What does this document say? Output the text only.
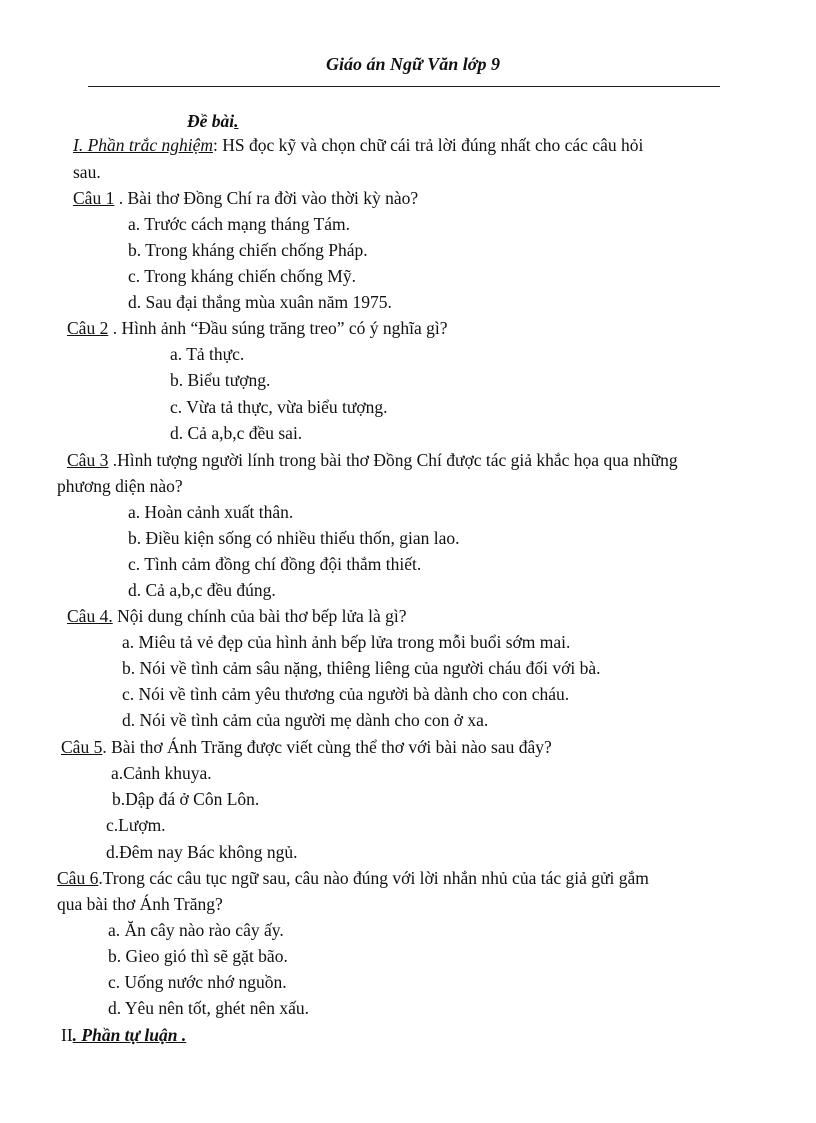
Giáo án Ngữ Văn lớp 9
Đề bài.
I. Phần trắc nghiệm: HS đọc kỹ và chọn chữ cái trả lời đúng nhất cho các câu hỏi
sau.
Câu 1 . Bài thơ Đồng Chí ra đời vào thời kỳ nào?
a. Trước cách mạng tháng Tám.
b. Trong kháng chiến chống Pháp.
c. Trong kháng chiến chống Mỹ.
d. Sau đại thắng mùa xuân năm 1975.
Câu 2 . Hình ảnh “Đầu súng trăng treo” có ý nghĩa gì?
a. Tả thực.
b. Biểu tượng.
c. Vừa tả thực, vừa biểu tượng.
d. Cả a,b,c đều sai.
Câu 3 .Hình tượng người lính trong bài thơ Đồng Chí được tác giả khắc họa qua những
phương diện nào?
a. Hoàn cảnh xuất thân.
b. Điều kiện sống có nhiều thiếu thốn, gian lao.
c. Tình cảm đồng chí đồng đội thắm thiết.
d. Cả a,b,c đều đúng.
Câu 4. Nội dung chính của bài thơ bếp lửa là gì?
a. Miêu tả vẻ đẹp của hình ảnh bếp lửa trong mỗi buổi sớm mai.
b. Nói về tình cảm sâu nặng, thiêng liêng của người cháu đối với bà.
c. Nói về tình cảm yêu thương của người bà dành cho con cháu.
d. Nói về tình cảm của người mẹ dành cho con ở xa.
Câu 5. Bài thơ Ánh Trăng được viết cùng thể thơ với bài nào sau đây?
a.Cảnh khuya.
b.Dập đá ở Côn Lôn.
c.Lượm.
d.Đêm nay Bác không ngủ.
Câu 6.Trong các câu tục ngữ sau, câu nào đúng với lời nhắn nhủ của tác giả gửi gắm
qua bài thơ Ánh Trăng?
a. Ăn cây nào rào cây ấy.
b. Gieo gió thì sẽ gặt bão.
c. Uống nước nhớ nguồn.
d. Yêu nên tốt, ghét nên xấu.
II. Phần tự luận .
